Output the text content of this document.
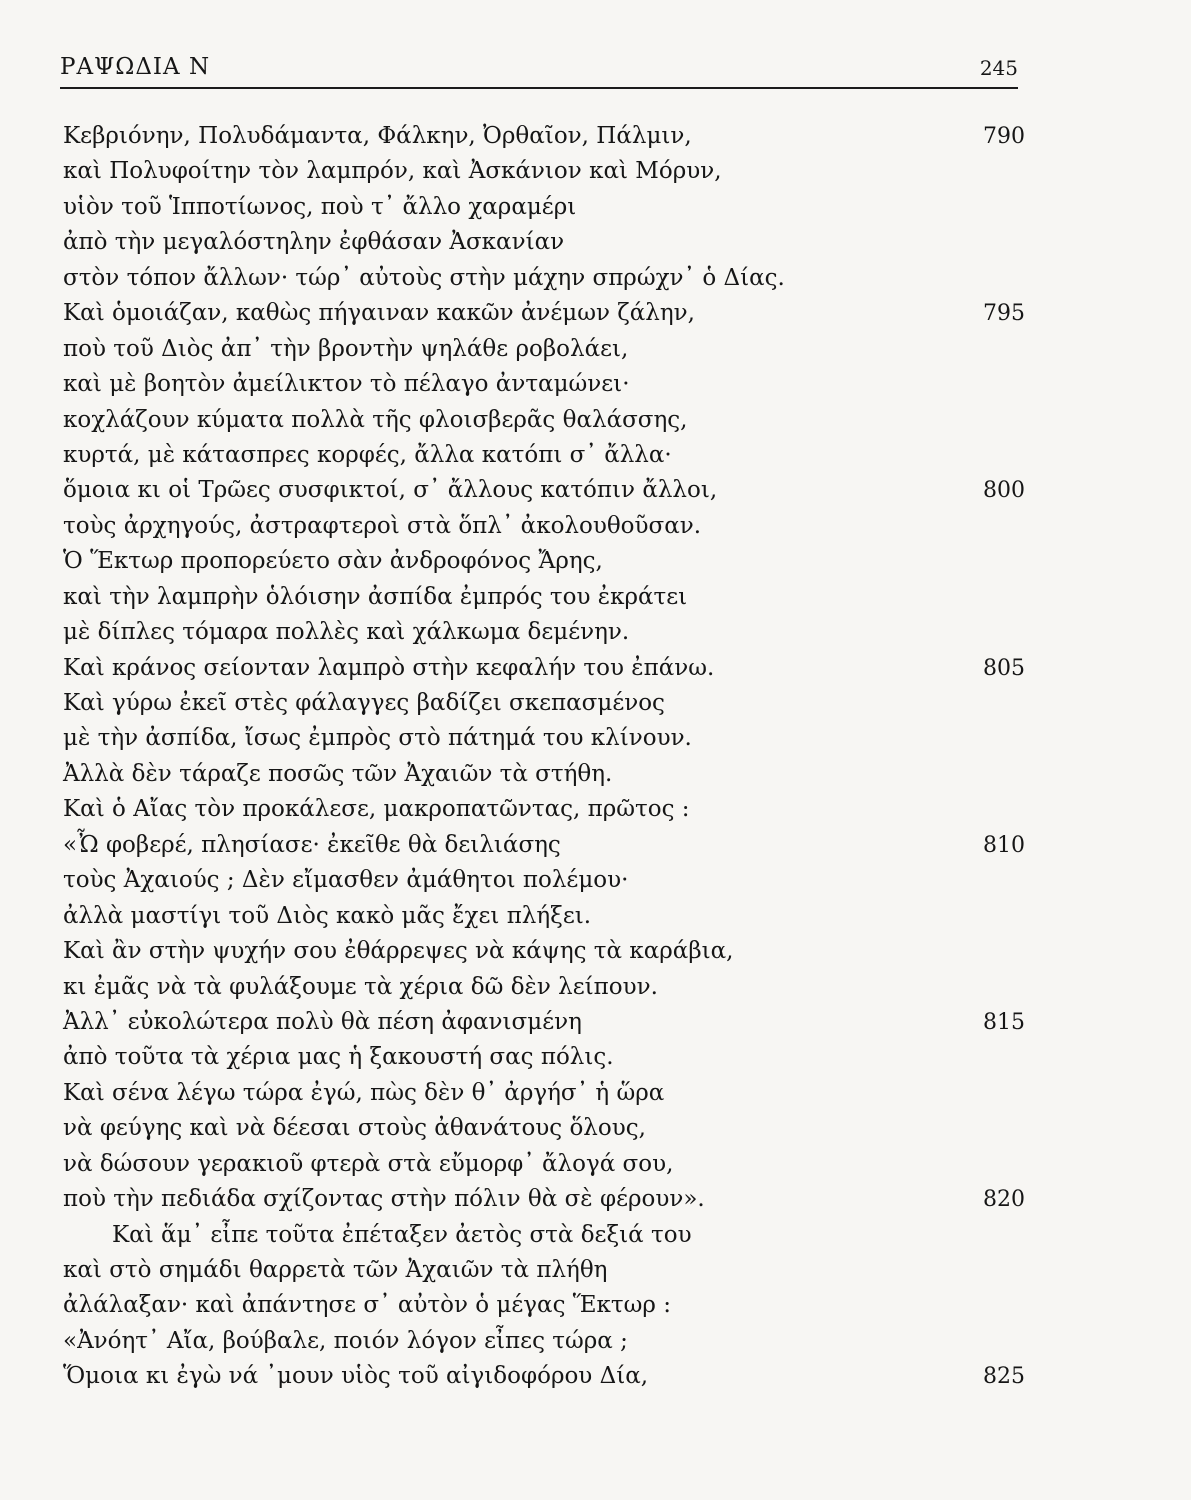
ΡΑΨΩΔΙΑ Ν	245
Κεβριόνην, Πολυδάμαντα, Φάλκην, Ὀρθαῖον, Πάλμιν,	790
καὶ Πολυφοίτην τὸν λαμπρόν, καὶ Ἀσκάνιον καὶ Μόρυν,
υἱὸν τοῦ Ἱπποτίωνος, ποὺ τ᾿ ἄλλο χαραμέρι
ἀπὸ τὴν μεγαλόστηλην ἐφθάσαν Ἀσκανίαν
στὸν τόπον ἄλλων· τώρ᾿ αὐτοὺς στὴν μάχην σπρώχν᾿ ὁ Δίας.
Καὶ ὁμοιάζαν, καθὼς πήγαιναν κακῶν ἀνέμων ζάλην,	795
ποὺ τοῦ Διὸς ἀπ᾿ τὴν βροντὴν ψηλάθε ροβολάει,
καὶ μὲ βοητὸν ἀμείλικτον τὸ πέλαγο ἀνταμώνει·
κοχλάζουν κύματα πολλὰ τῆς φλοισβερᾶς θαλάσσης,
κυρτά, μὲ κάτασπρες κορφές, ἄλλα κατόπι σ᾿ ἄλλα·
ὅμοια κι οἱ Τρῶες συσφικτοί, σ᾿ ἄλλους κατόπιν ἄλλοι,	800
τοὺς ἀρχηγούς, ἀστραφτεροὶ στὰ ὅπλ᾿ ἀκολουθοῦσαν.
Ὁ Ἕκτωρ προπορεύετο σὰν ἀνδροφόνος Ἄρης,
καὶ τὴν λαμπρὴν ὁλόισην ἀσπίδα ἐμπρός του ἐκράτει
μὲ δίπλες τόμαρα πολλὲς καὶ χάλκωμα δεμένην.
Καὶ κράνος σείονταν λαμπρὸ στὴν κεφαλήν του ἐπάνω.	805
Καὶ γύρω ἐκεῖ στὲς φάλαγγες βαδίζει σκεπασμένος
μὲ τὴν ἀσπίδα, ἴσως ἐμπρὸς στὸ πάτημά του κλίνουν.
Ἀλλὰ δὲν τάραζε ποσῶς τῶν Ἀχαιῶν τὰ στήθη.
Καὶ ὁ Αἴας τὸν προκάλεσε, μακροπατῶντας, πρῶτος :
«Ὦ φοβερέ, πλησίασε· ἐκεῖθε θὰ δειλιάσης	810
τοὺς Ἀχαιούς ; Δὲν εἴμασθεν ἀμάθητοι πολέμου·
ἀλλὰ μαστίγι τοῦ Διὸς κακὸ μᾶς ἔχει πλήξει.
Καὶ ἂν στὴν ψυχήν σου ἐθάρρεψες νὰ κάψης τὰ καράβια,
κι ἐμᾶς νὰ τὰ φυλάξουμε τὰ χέρια δῶ δὲν λείπουν.
Ἀλλ᾿ εὐκολώτερα πολὺ θὰ πέση ἀφανισμένη	815
ἀπὸ τοῦτα τὰ χέρια μας ἡ ξακουστή σας πόλις.
Καὶ σένα λέγω τώρα ἐγώ, πὼς δὲν θ᾿ ἀργήσ᾿ ἡ ὥρα
νὰ φεύγης καὶ νὰ δέεσαι στοὺς ἀθανάτους ὅλους,
νὰ δώσουν γερακιοῦ φτερὰ στὰ εὔμορφ᾿ ἄλογά σου,
ποὺ τὴν πεδιάδα σχίζοντας στὴν πόλιν θὰ σὲ φέρουν».	820
Καὶ ἅμ᾿ εἶπε τοῦτα ἐπέταξεν ἀετὸς στὰ δεξιά του
καὶ στὸ σημάδι θαρρετὰ τῶν Ἀχαιῶν τὰ πλήθη
ἀλάλαξαν· καὶ ἀπάντησε σ᾿ αὐτὸν ὁ μέγας Ἕκτωρ :
«Ἀνόητ᾿ Αἴα, βούβαλε, ποιόν λόγον εἶπες τώρα ;
Ὅμοια κι ἐγὼ νά ᾿μουν υἱὸς τοῦ αἰγιδοφόρου Δία,	825
